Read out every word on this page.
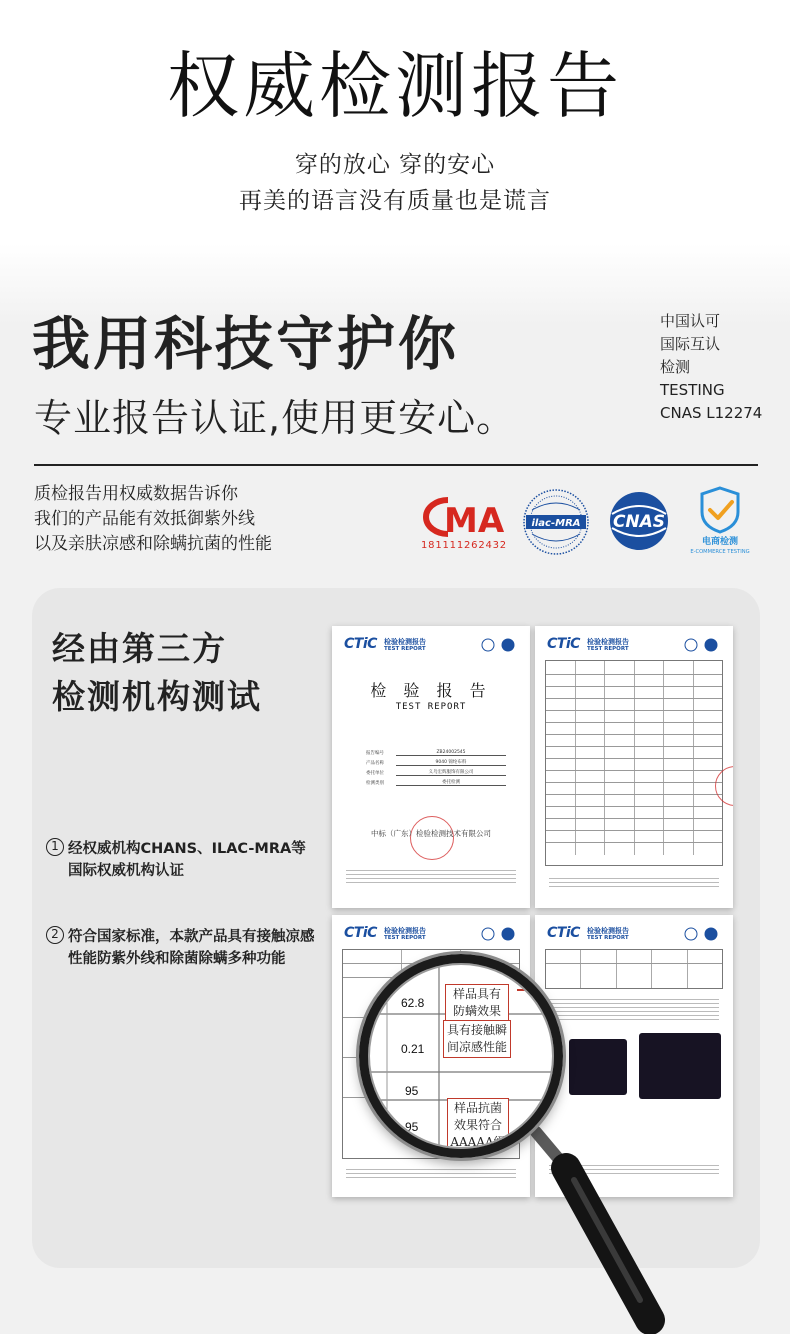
权威检测报告

穿的放心 穿的安心

再美的语言没有质量也是谎言

我用科技守护你
专业报告认证,使用更安心。
中国认可
国际互认
检测
TESTING
CNAS L12274
质检报告用权威数据告诉你
我们的产品能有效抵御紫外线
以及亲肤凉感和除螨抗菌的性能
MA
181111262432
ilac-MRA CNAS
电商检测
E-COMMERCE TESTING
经由第三方
检测机构测试
1 经权威机构CHANS、ILAC-MRA等国际权威机构认证
2 符合国家标准，本款产品具有接触凉感性能防紫外线和除菌除螨多种功能
CTiC 检验检测报告
TEST REPORT
检 验 报 告
TEST REPORT
报告编号	ZB24002545
产品名称	9040 锦纶布料
委托单位	义乌宏辉服饰有限公司
检测类别	委托检测
中标（广东）检验检测技术有限公司
CTiC 检验检测报告
TEST REPORT
CTiC 检验检测报告
TEST REPORT	CTiC 检验检测报告
TEST REPORT
62.8
0.21
95
95
样品具有防螨效果
具有接触瞬间凉感性能
样品抗菌效果符合AAAAA级
